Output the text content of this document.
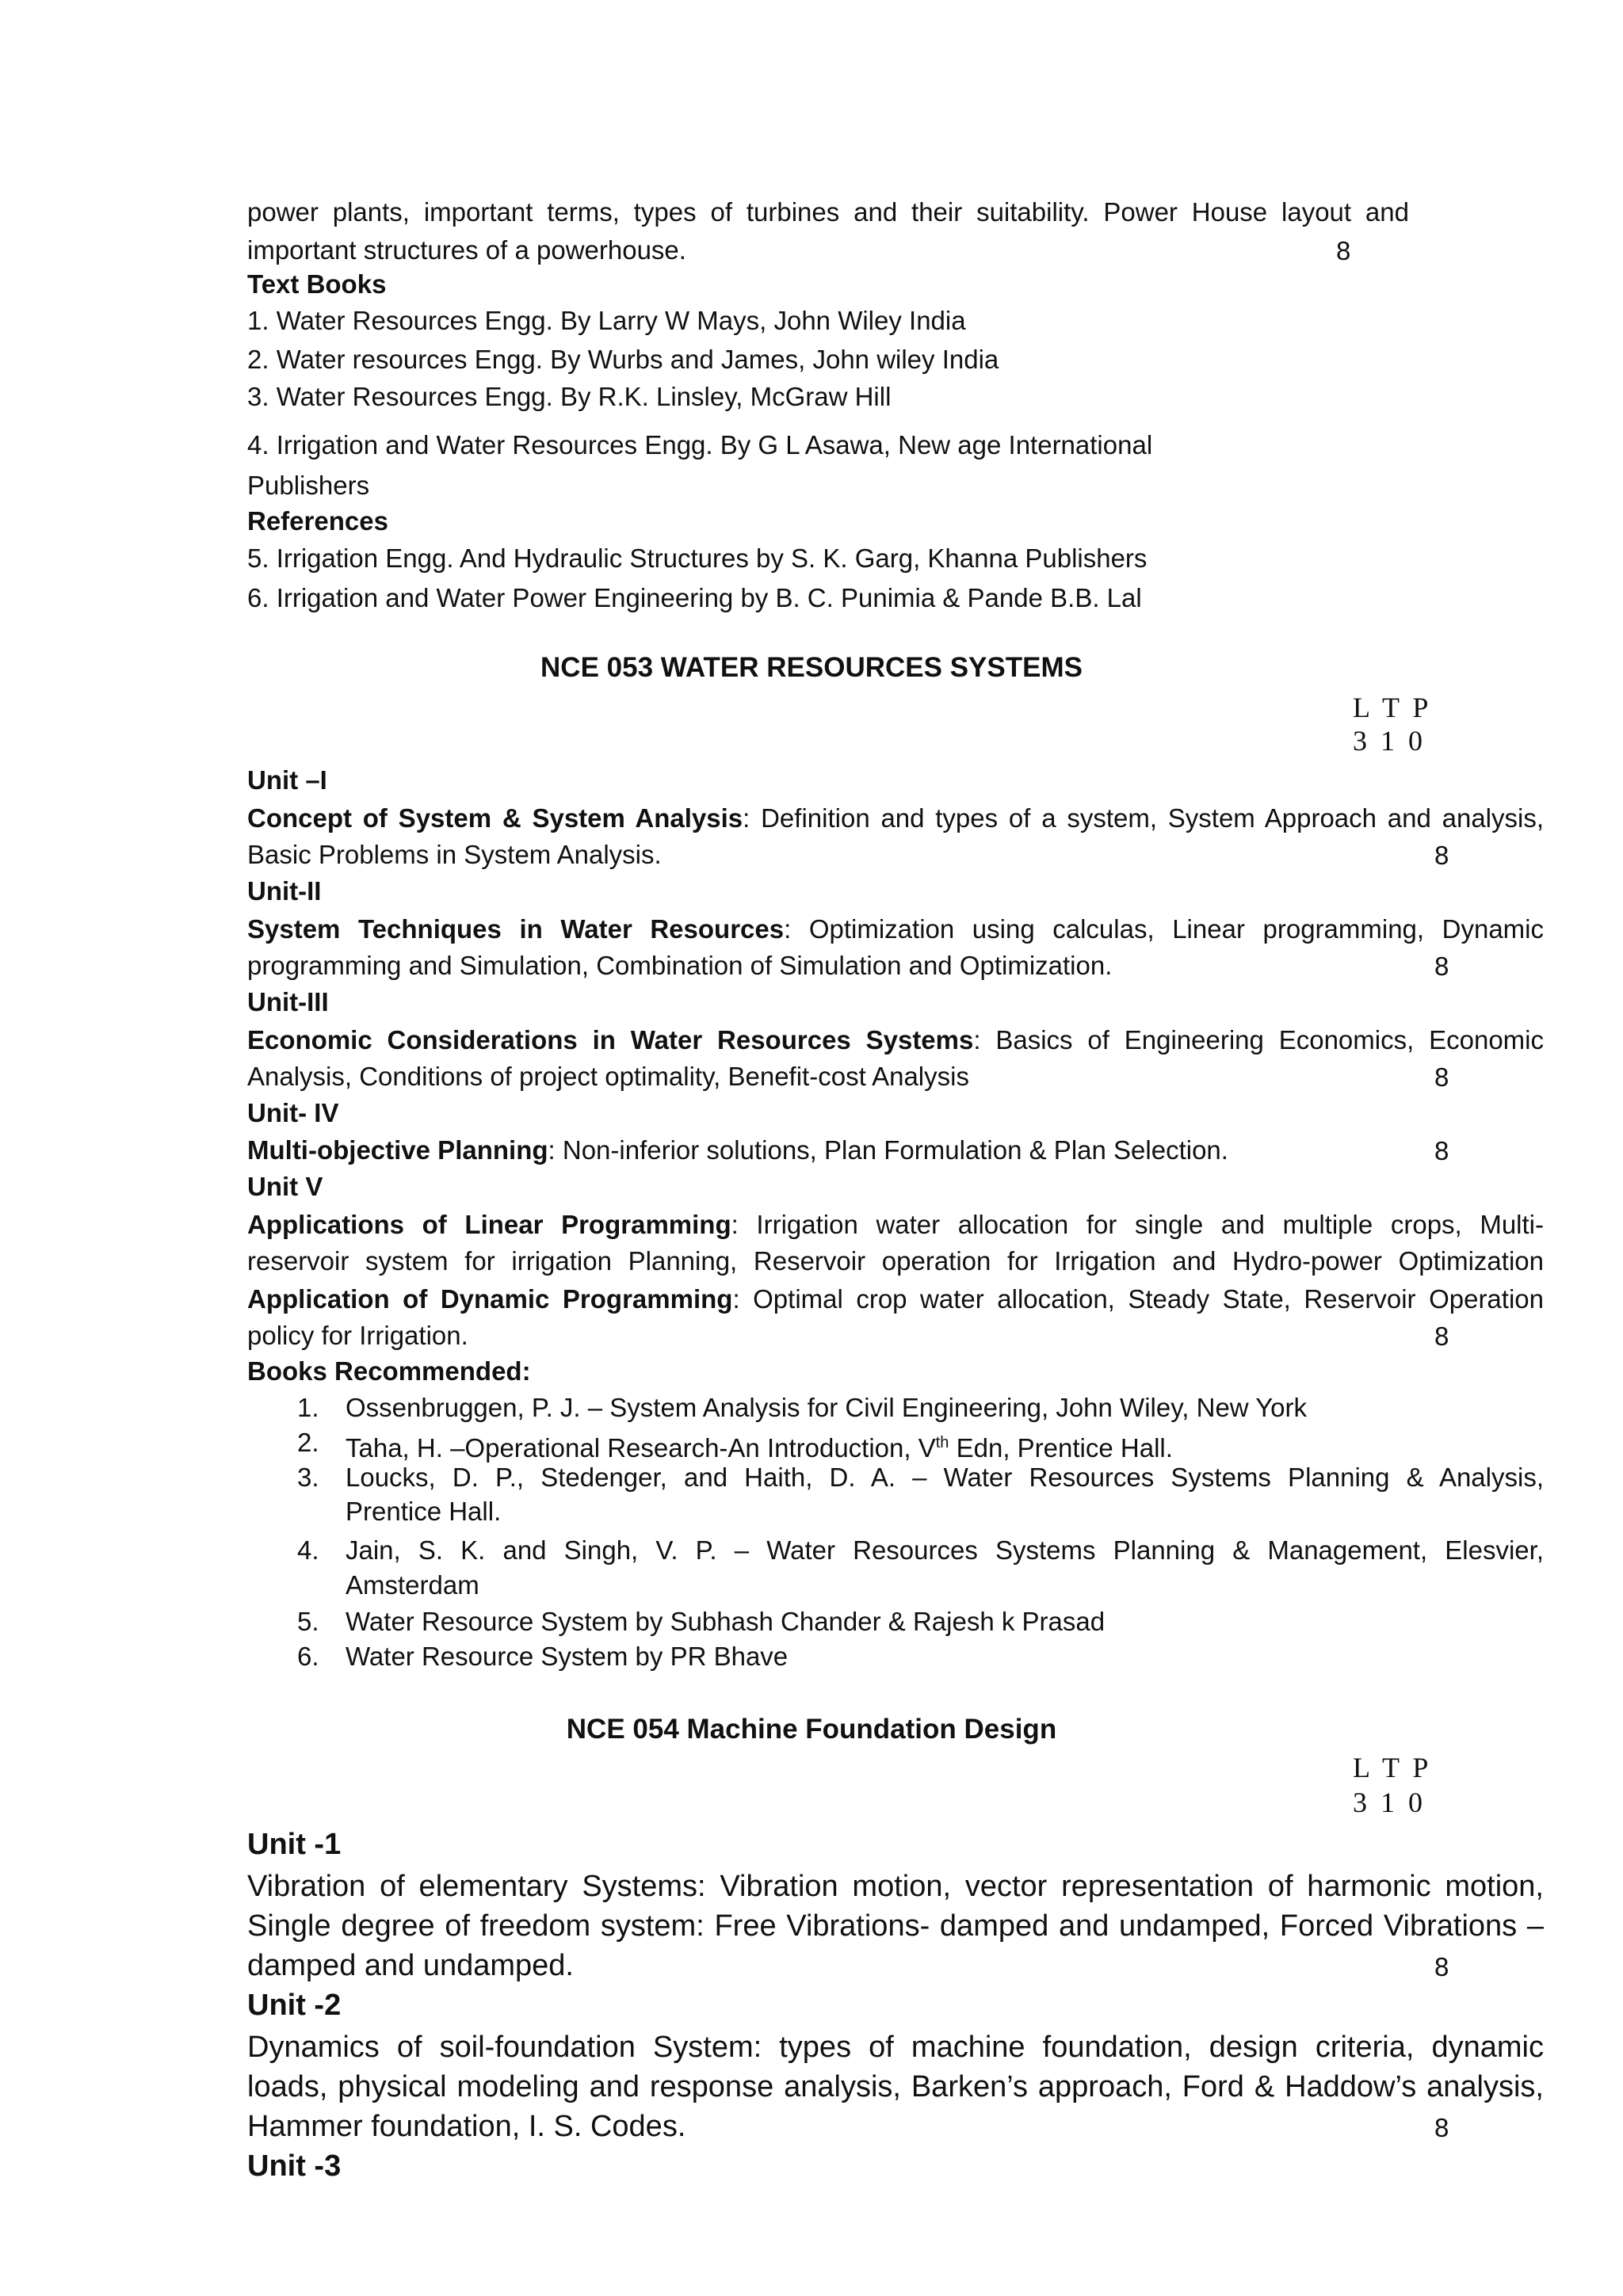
power plants, important terms, types of turbines and their suitability. Power House layout and
important structures of a powerhouse.	8
Text Books
1. Water Resources Engg. By Larry W Mays, John Wiley India
2. Water resources Engg. By Wurbs and James, John wiley India
3. Water Resources Engg. By R.K. Linsley, McGraw Hill
4. Irrigation and Water Resources Engg. By G L Asawa, New age International
Publishers
References
5. Irrigation Engg. And Hydraulic Structures by S. K. Garg, Khanna Publishers
6. Irrigation and Water Power Engineering by B. C. Punimia & Pande B.B. Lal
NCE 053 WATER RESOURCES SYSTEMS
L T P
3 1 0
Unit –I
Concept of System & System Analysis: Definition and types of a system, System Approach and analysis,
Basic Problems in System Analysis.	8
Unit-II
System Techniques in Water Resources: Optimization using calculas, Linear programming, Dynamic
programming and Simulation, Combination of Simulation and Optimization.	8
Unit-III
Economic Considerations in Water Resources Systems: Basics of Engineering Economics, Economic
Analysis, Conditions of project optimality, Benefit-cost Analysis	8
Unit- IV
Multi-objective Planning: Non-inferior solutions, Plan Formulation & Plan Selection.	8
Unit V
Applications of Linear Programming: Irrigation water allocation for single and multiple crops, Multi-
reservoir system for irrigation Planning, Reservoir operation for Irrigation and Hydro-power Optimization
Application of Dynamic Programming: Optimal crop water allocation, Steady State, Reservoir Operation
policy for Irrigation.	8
Books Recommended:
1. Ossenbruggen, P. J. – System Analysis for Civil Engineering, John Wiley, New York
2. Taha, H. –Operational Research-An Introduction, Vth Edn, Prentice Hall.
3. Loucks, D. P., Stedenger, and Haith, D. A. – Water Resources Systems Planning & Analysis,
Prentice Hall.
4. Jain, S. K. and Singh, V. P. – Water Resources Systems Planning & Management, Elesvier,
Amsterdam
5. Water Resource System by Subhash Chander & Rajesh k Prasad
6. Water Resource System by PR Bhave
NCE 054 Machine Foundation Design
L T P
3 1 0
Unit -1
Vibration of elementary Systems: Vibration motion, vector representation of harmonic motion,
Single degree of freedom system: Free Vibrations- damped and undamped, Forced Vibrations –
damped and undamped.	8
Unit -2
Dynamics of soil-foundation System: types of machine foundation, design criteria, dynamic
loads, physical modeling and response analysis, Barken’s approach, Ford & Haddow’s analysis,
Hammer foundation, I. S. Codes.	8
Unit -3
